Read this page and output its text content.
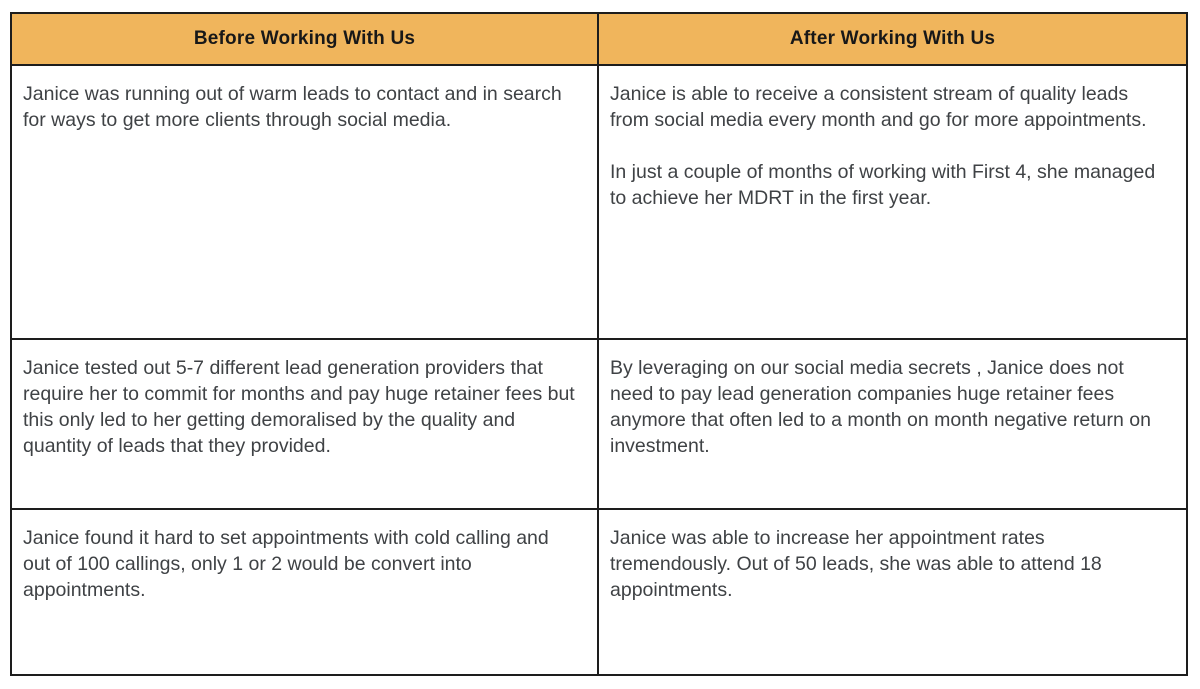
Before Working With Us	After Working With Us

Janice was running out of warm leads to contact and in search for ways to get more clients through social media.

Janice is able to receive a consistent stream of quality leads from social media every month and go for more appointments.

In just a couple of months of working with First 4, she managed to achieve her MDRT in the first year.

Janice tested out 5-7 different lead generation providers that require her to commit for months and pay huge retainer fees but this only led to her getting demoralised by the quality and quantity of leads that they provided.

By leveraging on our social media secrets , Janice does not need to pay lead generation companies huge retainer fees anymore that often led to a month on month negative return on investment.

Janice found it hard to set appointments with cold calling and out of 100 callings, only 1 or 2 would be convert into appointments.

Janice was able to increase her appointment rates tremendously. Out of 50 leads, she was able to attend 18 appointments.
